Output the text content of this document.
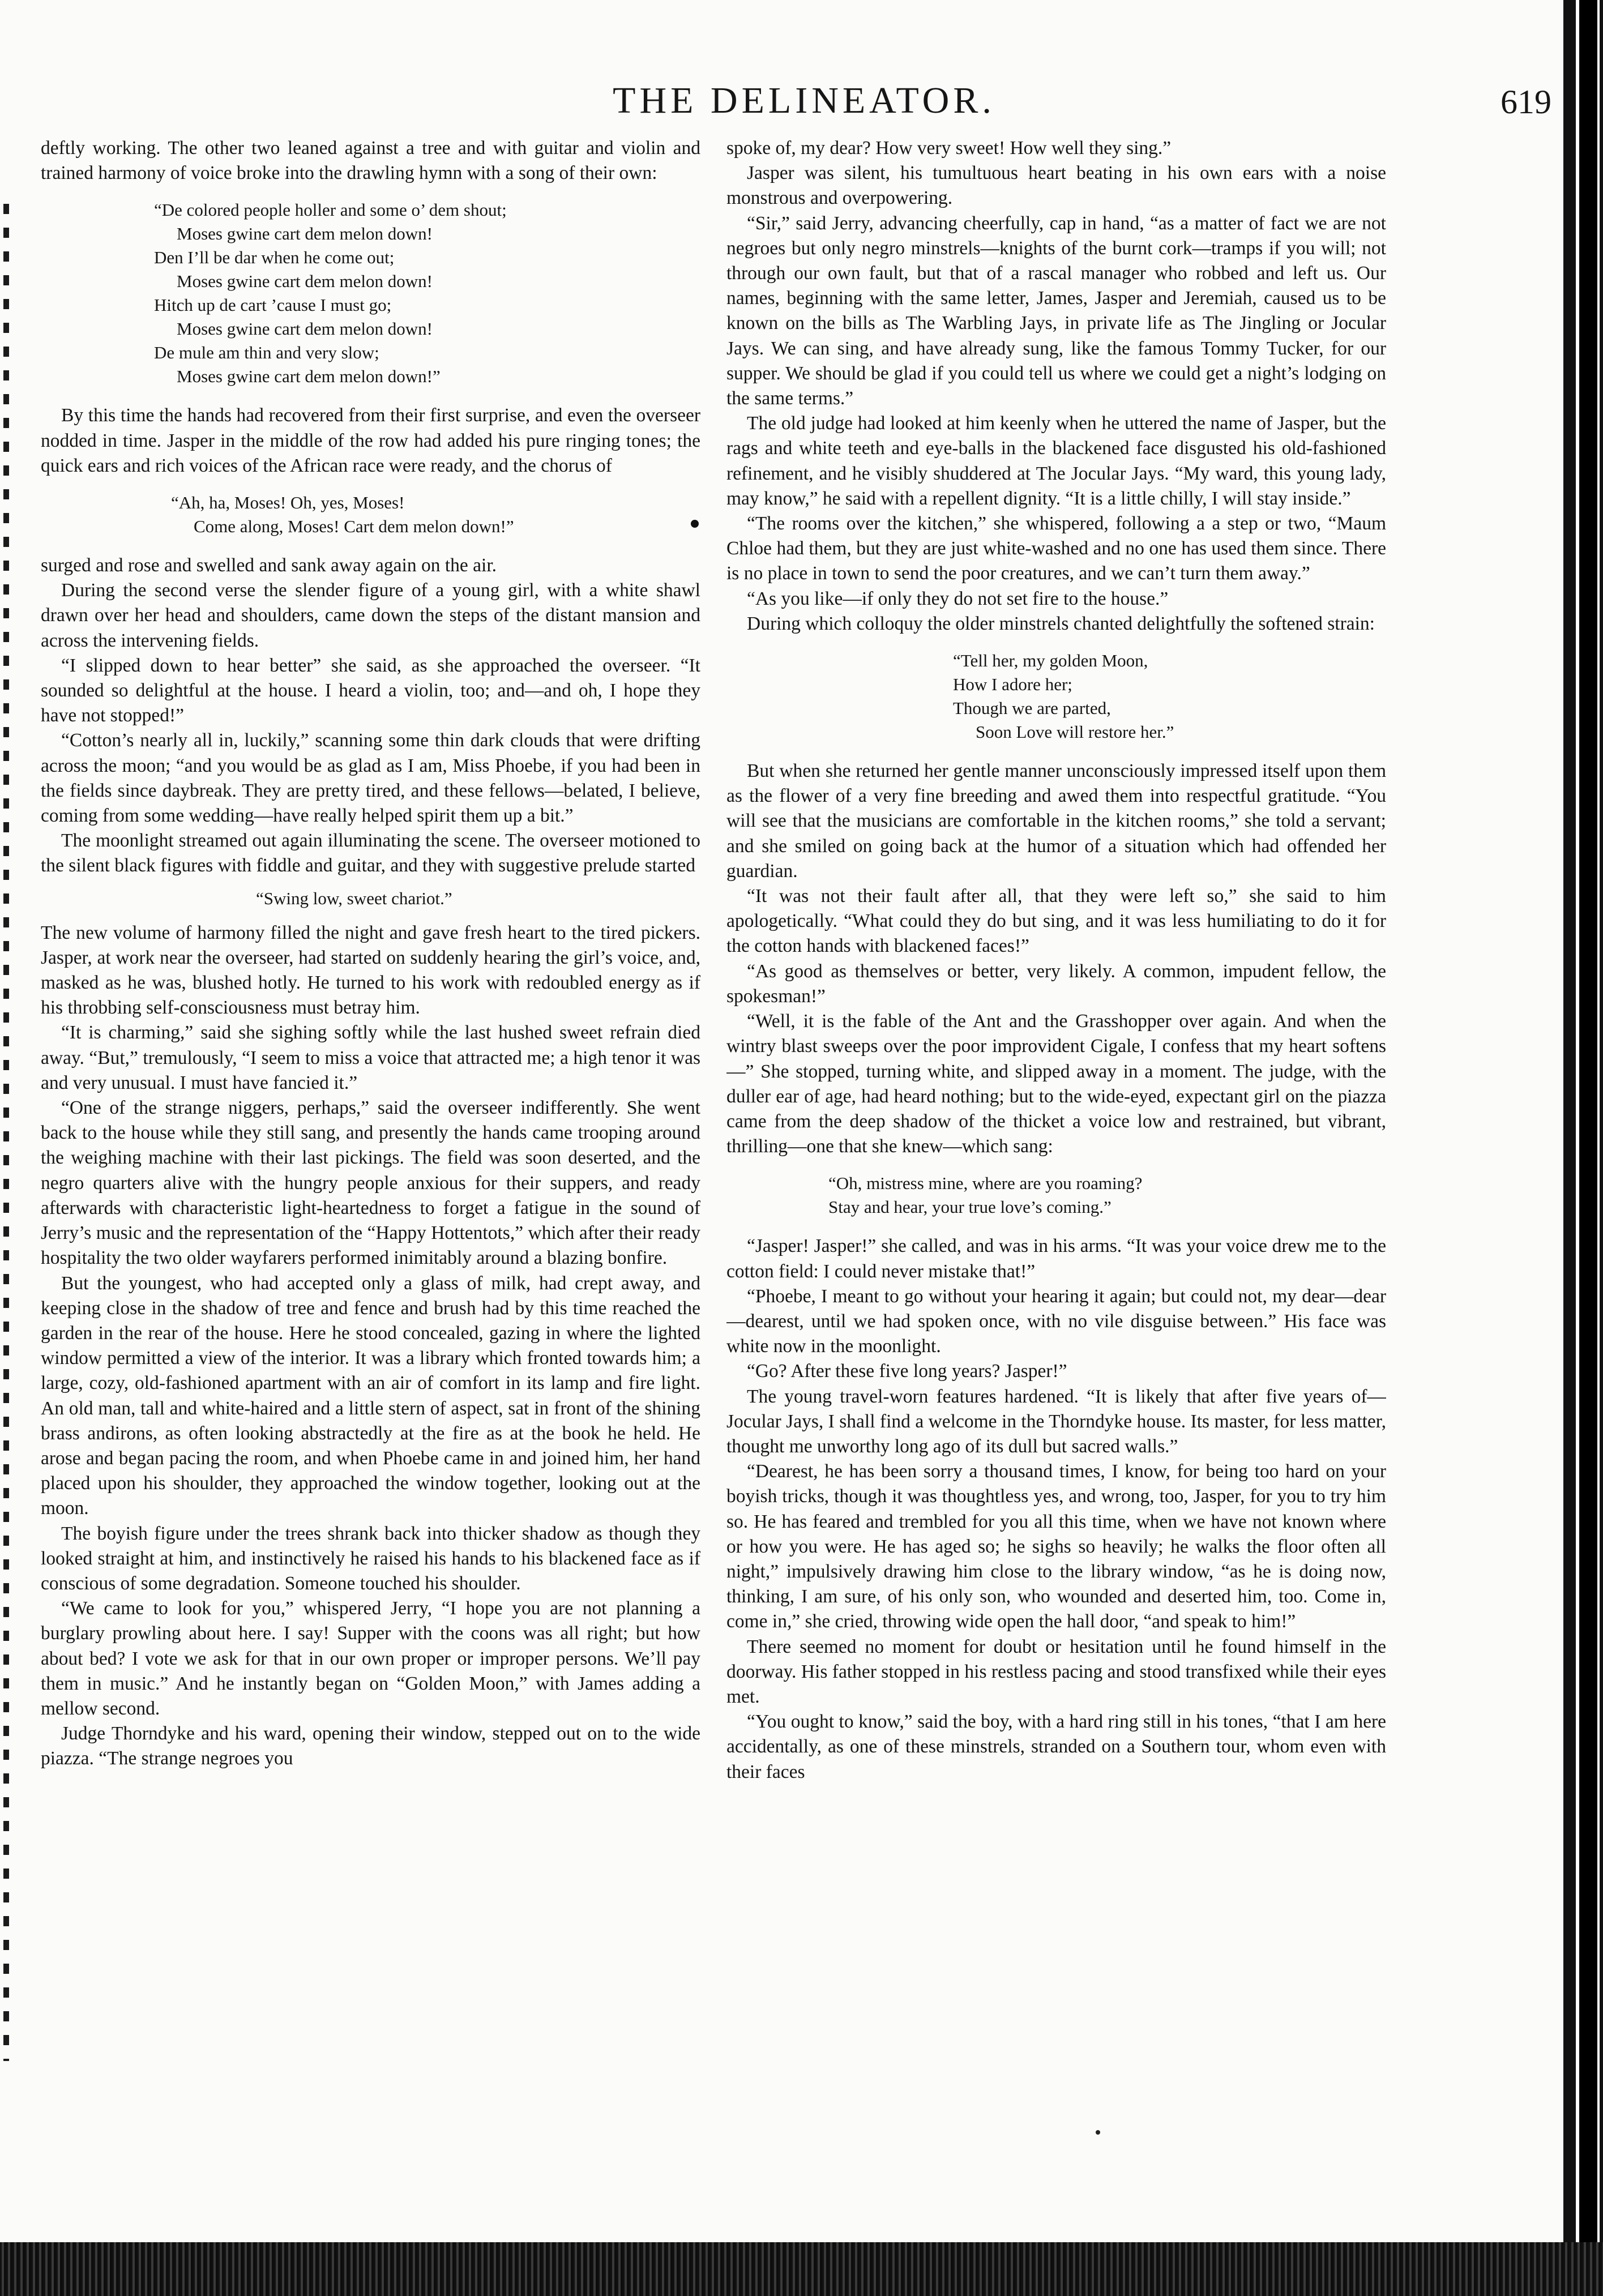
THE DELINEATOR.	619

deftly working. The other two leaned against a tree and with guitar and violin and trained harmony of voice broke into the drawling hymn with a song of their own:

“De colored people holler and some o’ dem shout;
Moses gwine cart dem melon down!
Den I’ll be dar when he come out;
Moses gwine cart dem melon down!
Hitch up de cart ’cause I must go;
Moses gwine cart dem melon down!
De mule am thin and very slow;
Moses gwine cart dem melon down!”

By this time the hands had recovered from their first surprise, and even the overseer nodded in time. Jasper in the middle of the row had added his pure ringing tones; the quick ears and rich voices of the African race were ready, and the chorus of

“Ah, ha, Moses! Oh, yes, Moses!
Come along, Moses! Cart dem melon down!”

surged and rose and swelled and sank away again on the air.

During the second verse the slender figure of a young girl, with a white shawl drawn over her head and shoulders, came down the steps of the distant mansion and across the intervening fields.

“I slipped down to hear better” she said, as she approached the overseer. “It sounded so delightful at the house. I heard a violin, too; and—and oh, I hope they have not stopped!”

“Cotton’s nearly all in, luckily,” scanning some thin dark clouds that were drifting across the moon; “and you would be as glad as I am, Miss Phoebe, if you had been in the fields since daybreak. They are pretty tired, and these fellows—belated, I believe, coming from some wedding—have really helped spirit them up a bit.”

The moonlight streamed out again illuminating the scene. The overseer motioned to the silent black figures with fiddle and guitar, and they with suggestive prelude started

“Swing low, sweet chariot.”

The new volume of harmony filled the night and gave fresh heart to the tired pickers. Jasper, at work near the overseer, had started on suddenly hearing the girl’s voice, and, masked as he was, blushed hotly. He turned to his work with redoubled energy as if his throbbing self-consciousness must betray him.

“It is charming,” said she sighing softly while the last hushed sweet refrain died away. “But,” tremulously, “I seem to miss a voice that attracted me; a high tenor it was and very unusual. I must have fancied it.”

“One of the strange niggers, perhaps,” said the overseer indifferently. She went back to the house while they still sang, and presently the hands came trooping around the weighing machine with their last pickings. The field was soon deserted, and the negro quarters alive with the hungry people anxious for their suppers, and ready afterwards with characteristic light-heartedness to forget a fatigue in the sound of Jerry’s music and the representation of the “Happy Hottentots,” which after their ready hospitality the two older wayfarers performed inimitably around a blazing bonfire.

But the youngest, who had accepted only a glass of milk, had crept away, and keeping close in the shadow of tree and fence and brush had by this time reached the garden in the rear of the house. Here he stood concealed, gazing in where the lighted window permitted a view of the interior. It was a library which fronted towards him; a large, cozy, old-fashioned apartment with an air of comfort in its lamp and fire light. An old man, tall and white-haired and a little stern of aspect, sat in front of the shining brass andirons, as often looking abstractedly at the fire as at the book he held. He arose and began pacing the room, and when Phoebe came in and joined him, her hand placed upon his shoulder, they approached the window together, looking out at the moon.

The boyish figure under the trees shrank back into thicker shadow as though they looked straight at him, and instinctively he raised his hands to his blackened face as if conscious of some degradation. Someone touched his shoulder.

“We came to look for you,” whispered Jerry, “I hope you are not planning a burglary prowling about here. I say! Supper with the coons was all right; but how about bed? I vote we ask for that in our own proper or improper persons. We’ll pay them in music.” And he instantly began on “Golden Moon,” with James adding a mellow second.

Judge Thorndyke and his ward, opening their window, stepped out on to the wide piazza. “The strange negroes you

spoke of, my dear? How very sweet! How well they sing.”

Jasper was silent, his tumultuous heart beating in his own ears with a noise monstrous and overpowering.

“Sir,” said Jerry, advancing cheerfully, cap in hand, “as a matter of fact we are not negroes but only negro minstrels—knights of the burnt cork—tramps if you will; not through our own fault, but that of a rascal manager who robbed and left us. Our names, beginning with the same letter, James, Jasper and Jeremiah, caused us to be known on the bills as The Warbling Jays, in private life as The Jingling or Jocular Jays. We can sing, and have already sung, like the famous Tommy Tucker, for our supper. We should be glad if you could tell us where we could get a night’s lodging on the same terms.”

The old judge had looked at him keenly when he uttered the name of Jasper, but the rags and white teeth and eye-balls in the blackened face disgusted his old-fashioned refinement, and he visibly shuddered at The Jocular Jays. “My ward, this young lady, may know,” he said with a repellent dignity. “It is a little chilly, I will stay inside.”

“The rooms over the kitchen,” she whispered, following a a step or two, “Maum Chloe had them, but they are just white-washed and no one has used them since. There is no place in town to send the poor creatures, and we can’t turn them away.”

“As you like—if only they do not set fire to the house.”

During which colloquy the older minstrels chanted delightfully the softened strain:

“Tell her, my golden Moon,
How I adore her;
Though we are parted,
Soon Love will restore her.”

But when she returned her gentle manner unconsciously impressed itself upon them as the flower of a very fine breeding and awed them into respectful gratitude. “You will see that the musicians are comfortable in the kitchen rooms,” she told a servant; and she smiled on going back at the humor of a situation which had offended her guardian.

“It was not their fault after all, that they were left so,” she said to him apologetically. “What could they do but sing, and it was less humiliating to do it for the cotton hands with blackened faces!”

“As good as themselves or better, very likely. A common, impudent fellow, the spokesman!”

“Well, it is the fable of the Ant and the Grasshopper over again. And when the wintry blast sweeps over the poor improvident Cigale, I confess that my heart softens—” She stopped, turning white, and slipped away in a moment. The judge, with the duller ear of age, had heard nothing; but to the wide-eyed, expectant girl on the piazza came from the deep shadow of the thicket a voice low and restrained, but vibrant, thrilling—one that she knew—which sang:

“Oh, mistress mine, where are you roaming?
Stay and hear, your true love’s coming.”

“Jasper! Jasper!” she called, and was in his arms. “It was your voice drew me to the cotton field: I could never mistake that!”

“Phoebe, I meant to go without your hearing it again; but could not, my dear—dear—dearest, until we had spoken once, with no vile disguise between.” His face was white now in the moonlight.

“Go? After these five long years? Jasper!”

The young travel-worn features hardened. “It is likely that after five years of—Jocular Jays, I shall find a welcome in the Thorndyke house. Its master, for less matter, thought me unworthy long ago of its dull but sacred walls.”

“Dearest, he has been sorry a thousand times, I know, for being too hard on your boyish tricks, though it was thoughtless yes, and wrong, too, Jasper, for you to try him so. He has feared and trembled for you all this time, when we have not known where or how you were. He has aged so; he sighs so heavily; he walks the floor often all night,” impulsively drawing him close to the library window, “as he is doing now, thinking, I am sure, of his only son, who wounded and deserted him, too. Come in, come in,” she cried, throwing wide open the hall door, “and speak to him!”

There seemed no moment for doubt or hesitation until he found himself in the doorway. His father stopped in his restless pacing and stood transfixed while their eyes met.

“You ought to know,” said the boy, with a hard ring still in his tones, “that I am here accidentally, as one of these minstrels, stranded on a Southern tour, whom even with their faces
